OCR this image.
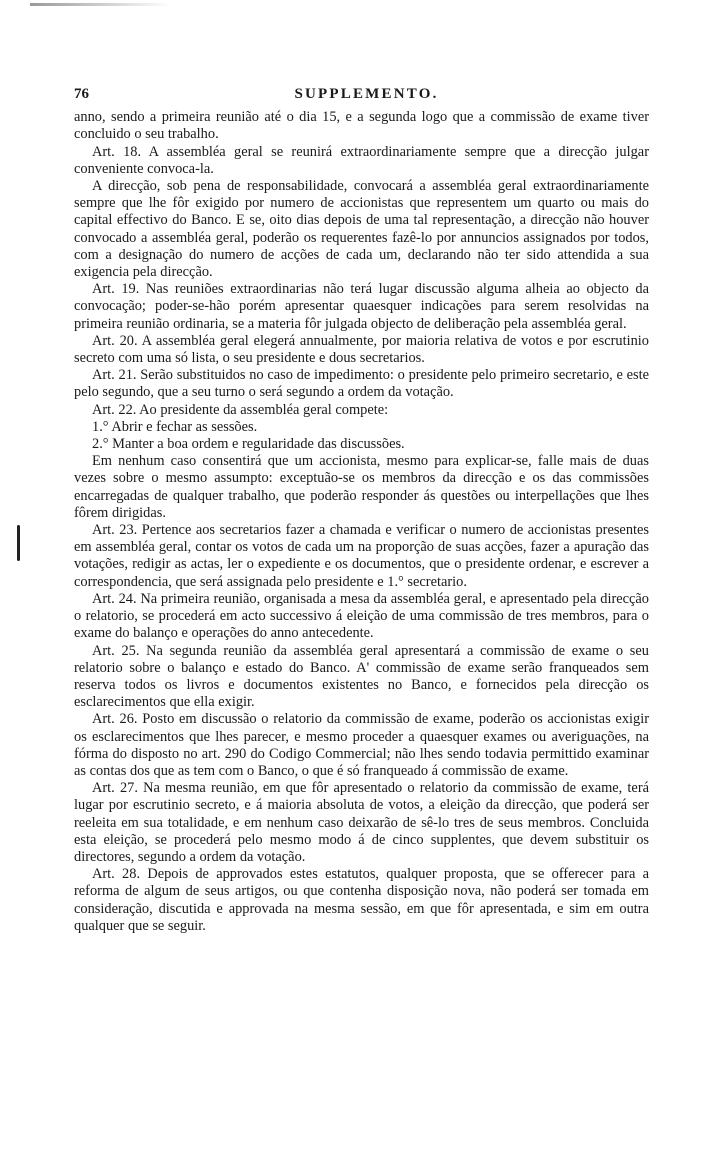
76	SUPPLEMENTO.

anno, sendo a primeira reunião até o dia 15, e a segunda logo que a commissão de exame tiver concluido o seu trabalho.

Art. 18. A assembléa geral se reunirá extraordinariamente sempre que a direcção julgar conveniente convoca-la.

A direcção, sob pena de responsabilidade, convocará a assembléa geral extraordinariamente sempre que lhe fôr exigido por numero de accionistas que representem um quarto ou mais do capital effectivo do Banco. E se, oito dias depois de uma tal representação, a direcção não houver convocado a assembléa geral, poderão os requerentes fazê-lo por annuncios assignados por todos, com a designação do numero de acções de cada um, declarando não ter sido attendida a sua exigencia pela direcção.

Art. 19. Nas reuniões extraordinarias não terá lugar discussão alguma alheia ao objecto da convocação; poder-se-hão porém apresentar quaesquer indicações para serem resolvidas na primeira reunião ordinaria, se a materia fôr julgada objecto de deliberação pela assembléa geral.

Art. 20. A assembléa geral elegerá annualmente, por maioria relativa de votos e por escrutinio secreto com uma só lista, o seu presidente e dous secretarios.

Art. 21. Serão substituidos no caso de impedimento: o presidente pelo primeiro secretario, e este pelo segundo, que a seu turno o será segundo a ordem da votação.

Art. 22. Ao presidente da assembléa geral compete:

1.° Abrir e fechar as sessões.

2.° Manter a boa ordem e regularidade das discussões.

Em nenhum caso consentirá que um accionista, mesmo para explicar-se, falle mais de duas vezes sobre o mesmo assumpto: exceptuão-se os membros da direcção e os das commissões encarregadas de qualquer trabalho, que poderão responder ás questões ou interpellações que lhes fôrem dirigidas.

Art. 23. Pertence aos secretarios fazer a chamada e verificar o numero de accionistas presentes em assembléa geral, contar os votos de cada um na proporção de suas acções, fazer a apuração das votações, redigir as actas, ler o expediente e os documentos, que o presidente ordenar, e escrever a correspondencia, que será assignada pelo presidente e 1.° secretario.

Art. 24. Na primeira reunião, organisada a mesa da assembléa geral, e apresentado pela direcção o relatorio, se procederá em acto successivo á eleição de uma commissão de tres membros, para o exame do balanço e operações do anno antecedente.

Art. 25. Na segunda reunião da assembléa geral apresentará a commissão de exame o seu relatorio sobre o balanço e estado do Banco. A' commissão de exame serão franqueados sem reserva todos os livros e documentos existentes no Banco, e fornecidos pela direcção os esclarecimentos que ella exigir.

Art. 26. Posto em discussão o relatorio da commissão de exame, poderão os accionistas exigir os esclarecimentos que lhes parecer, e mesmo proceder a quaesquer exames ou averiguações, na fórma do disposto no art. 290 do Codigo Commercial; não lhes sendo todavia permittido examinar as contas dos que as tem com o Banco, o que é só franqueado á commissão de exame.

Art. 27. Na mesma reunião, em que fôr apresentado o relatorio da commissão de exame, terá lugar por escrutinio secreto, e á maioria absoluta de votos, a eleição da direcção, que poderá ser reeleita em sua totalidade, e em nenhum caso deixarão de sê-lo tres de seus membros. Concluida esta eleição, se procederá pelo mesmo modo á de cinco supplentes, que devem substituir os directores, segundo a ordem da votação.

Art. 28. Depois de approvados estes estatutos, qualquer proposta, que se offerecer para a reforma de algum de seus artigos, ou que contenha disposição nova, não poderá ser tomada em consideração, discutida e approvada na mesma sessão, em que fôr apresentada, e sim em outra qualquer que se seguir.
